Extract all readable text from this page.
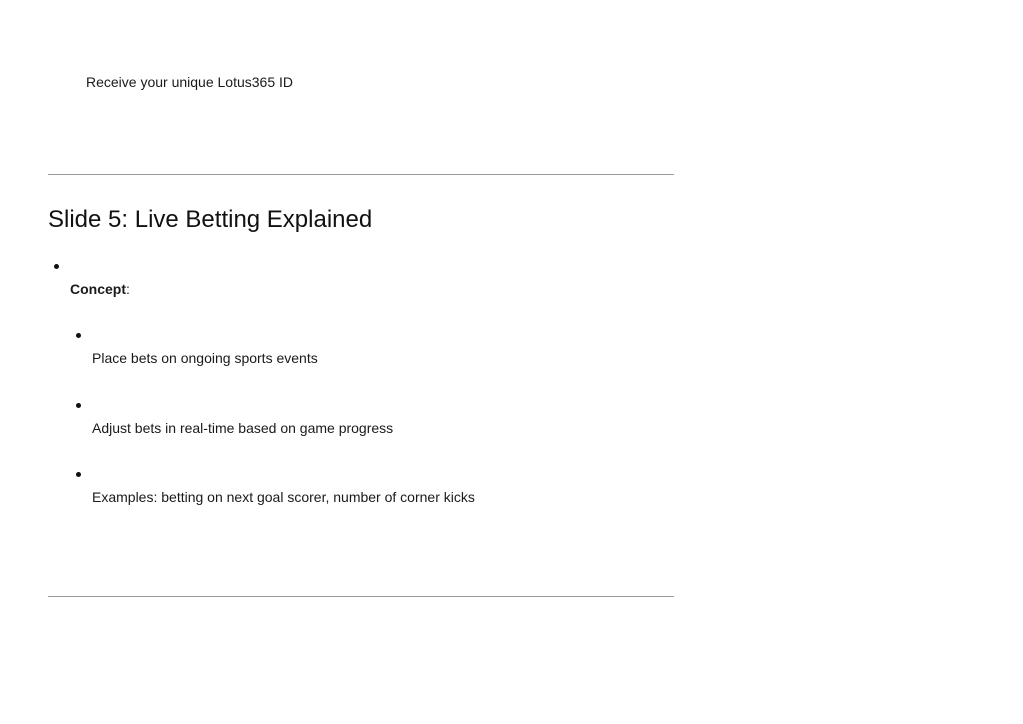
Receive your unique Lotus365 ID
Slide 5: Live Betting Explained
Concept:
Place bets on ongoing sports events
Adjust bets in real-time based on game progress
Examples: betting on next goal scorer, number of corner kicks
